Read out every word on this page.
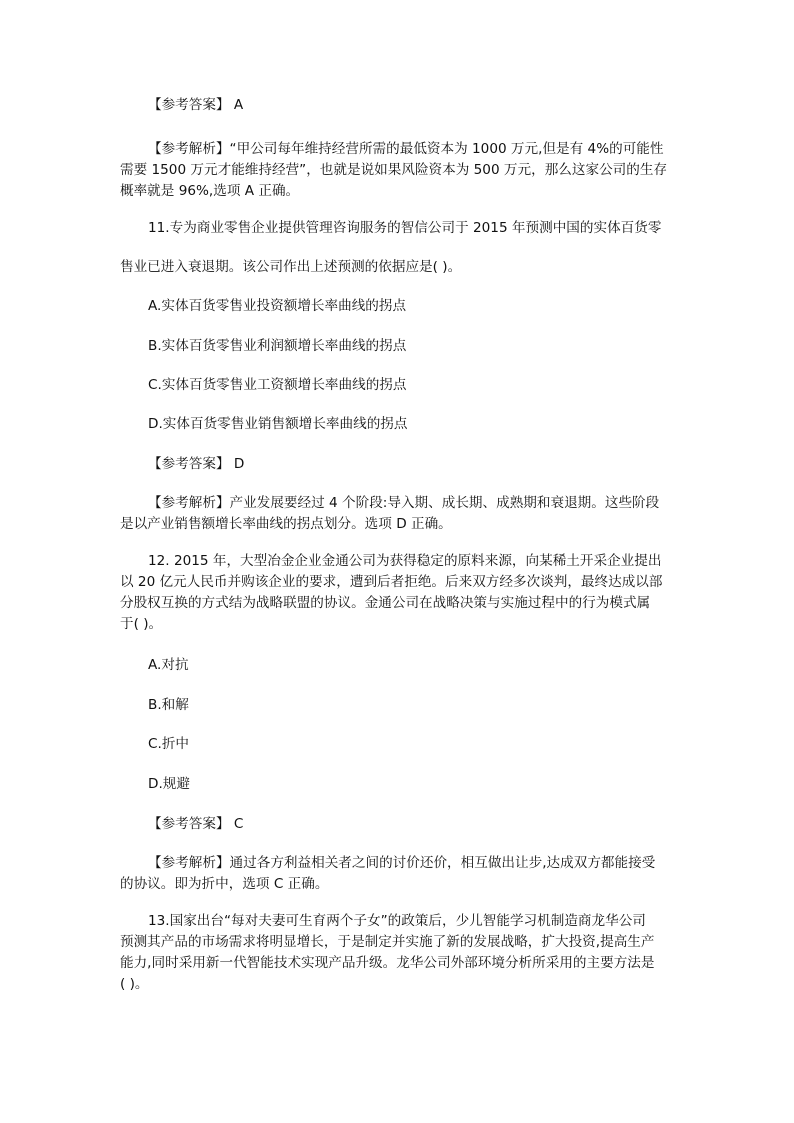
【参考答案】 A
【参考解析】“甲公司每年维持经营所需的最低资本为 1000 万元,但是有 4%的可能性
需要 1500 万元才能维持经营”，也就是说如果风险资本为 500 万元，那么这家公司的生存
概率就是 96%,选项 A 正确。
11.专为商业零售企业提供管理咨询服务的智信公司于 2015 年预测中国的实体百货零
售业已进入衰退期。该公司作出上述预测的依据应是( )。
A.实体百货零售业投资额增长率曲线的拐点
B.实体百货零售业利润额增长率曲线的拐点
C.实体百货零售业工资额增长率曲线的拐点
D.实体百货零售业销售额增长率曲线的拐点
【参考答案】 D
【参考解析】产业发展要经过 4 个阶段:导入期、成长期、成熟期和衰退期。这些阶段
是以产业销售额增长率曲线的拐点划分。选项 D 正确。
12. 2015 年，大型冶金企业金通公司为获得稳定的原料来源，向某稀土开采企业提出
以 20 亿元人民币并购该企业的要求，遭到后者拒绝。后来双方经多次谈判，最终达成以部
分股权互换的方式结为战略联盟的协议。金通公司在战略决策与实施过程中的行为模式属
于( )。
A.对抗
B.和解
C.折中
D.规避
【参考答案】 C
【参考解析】通过各方利益相关者之间的讨价还价，相互做出让步,达成双方都能接受
的协议。即为折中，选项 C 正确。
13.国家出台“每对夫妻可生育两个子女”的政策后，少儿智能学习机制造商龙华公司
预测其产品的市场需求将明显增长，于是制定并实施了新的发展战略，扩大投资,提高生产
能力,同时采用新一代智能技术实现产品升级。龙华公司外部环境分析所采用的主要方法是
( )。
